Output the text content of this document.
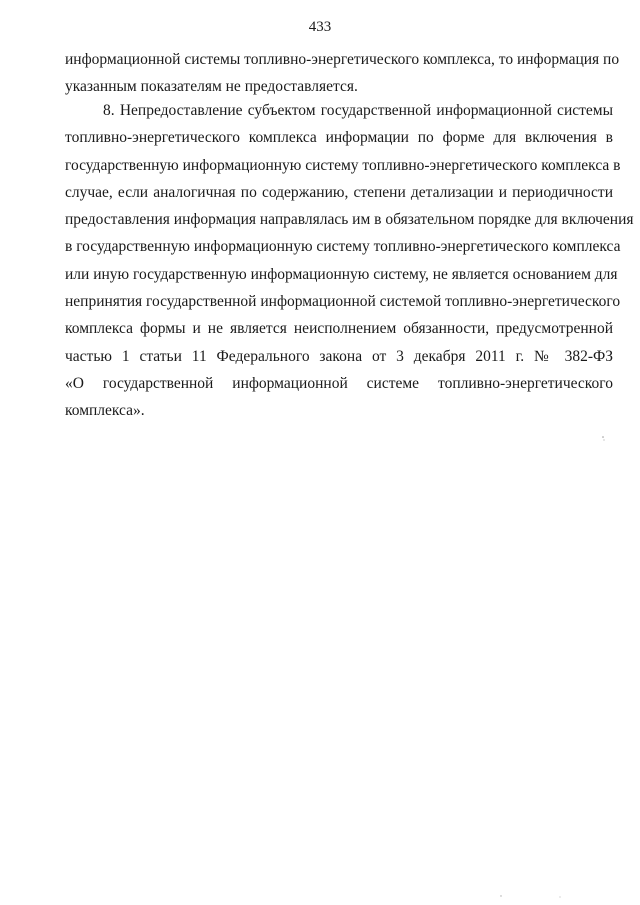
433
информационной системы топливно-энергетического комплекса, то информация по
указанным показателям не предоставляется.
8. Непредоставление субъектом государственной информационной системы
топливно-энергетического комплекса информации по форме для включения в
государственную информационную систему топливно-энергетического комплекса в
случае, если аналогичная по содержанию, степени детализации и периодичности
предоставления информация направлялась им в обязательном порядке для включения
в государственную информационную систему топливно-энергетического комплекса
или иную государственную информационную систему, не является основанием для
непринятия государственной информационной системой топливно-энергетического
комплекса формы и не является неисполнением обязанности, предусмотренной
частью 1 статьи 11 Федерального закона от 3 декабря 2011 г. № 382-ФЗ
«О государственной информационной системе топливно-энергетического
комплекса».
